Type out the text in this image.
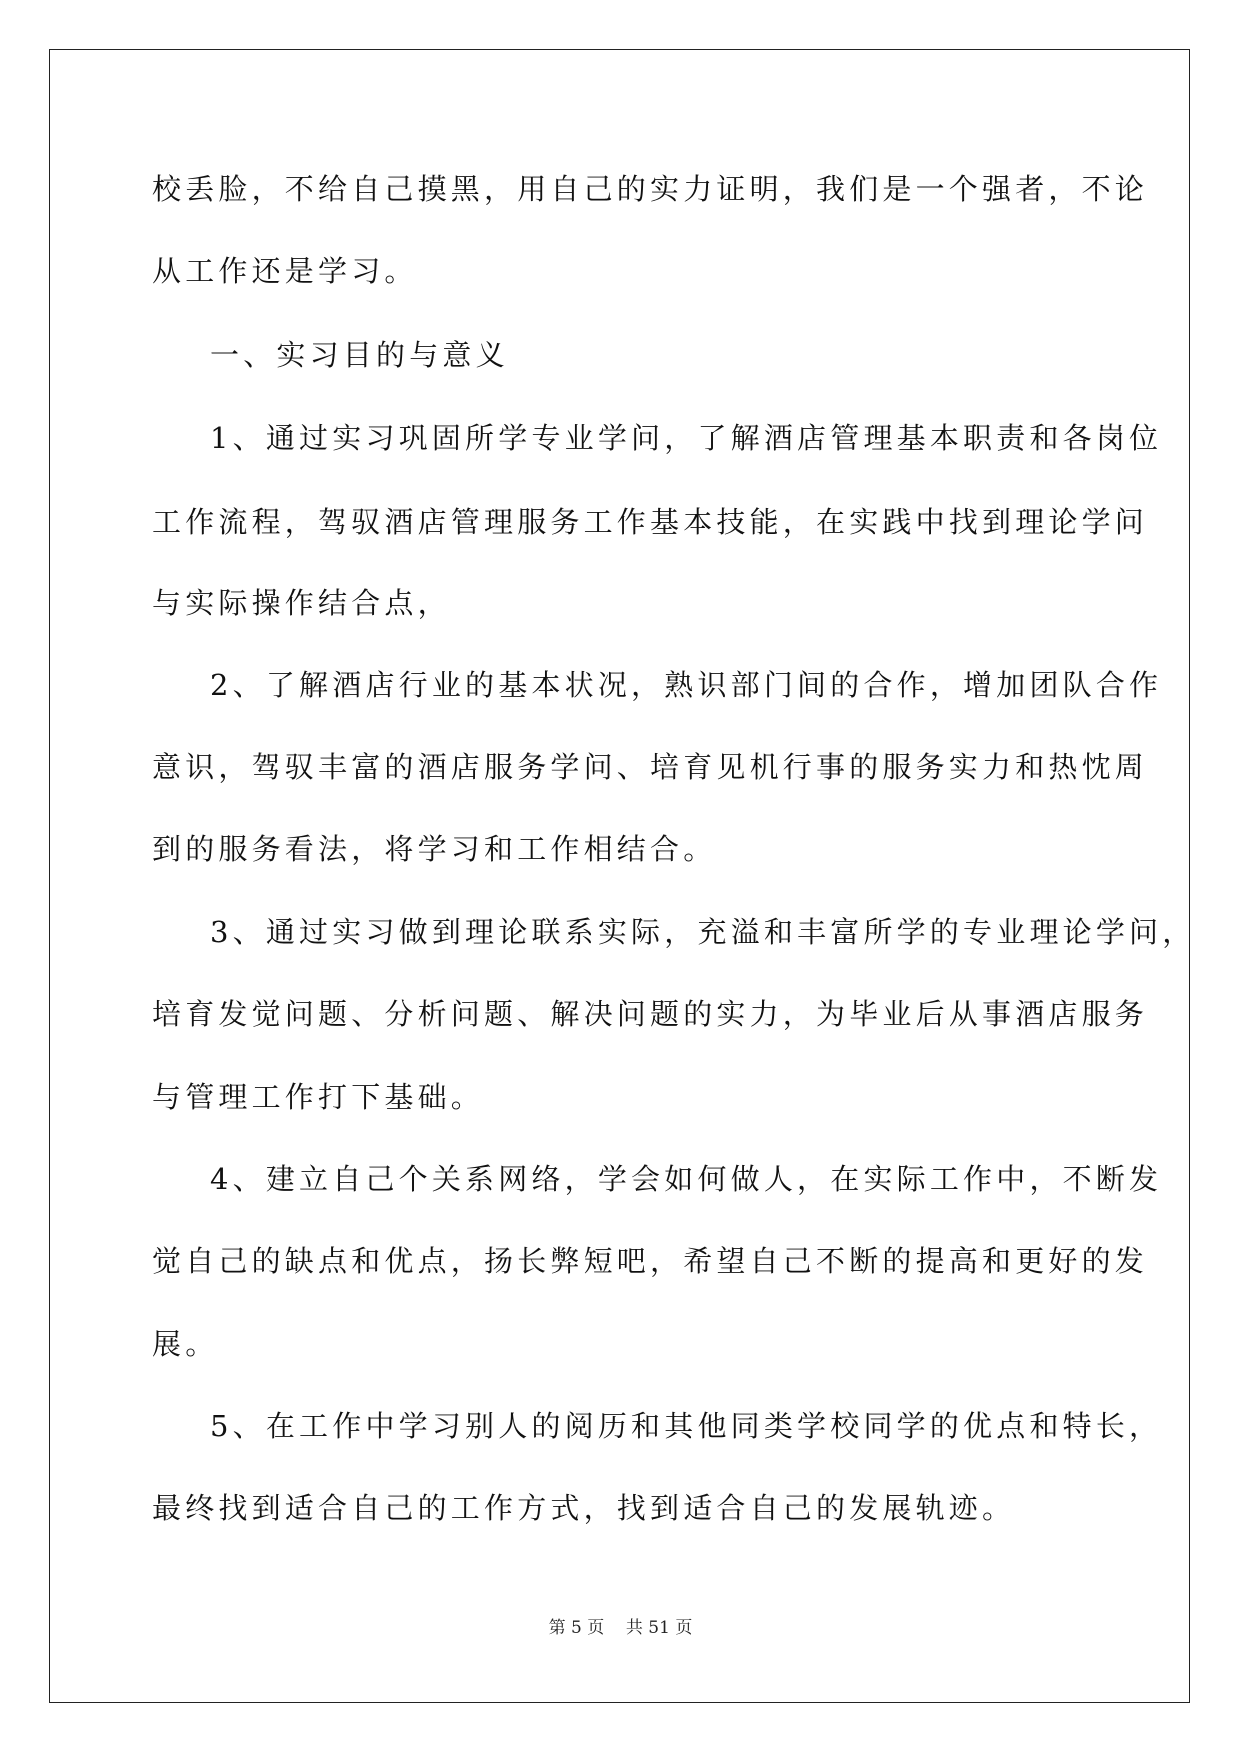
校丢脸，不给自己摸黑，用自己的实力证明，我们是一个强者，不论
从工作还是学习。
一、实习目的与意义
1、通过实习巩固所学专业学问，了解酒店管理基本职责和各岗位
工作流程，驾驭酒店管理服务工作基本技能，在实践中找到理论学问
与实际操作结合点，
2、了解酒店行业的基本状况，熟识部门间的合作，增加团队合作
意识，驾驭丰富的酒店服务学问、培育见机行事的服务实力和热忱周
到的服务看法，将学习和工作相结合。
3、通过实习做到理论联系实际，充溢和丰富所学的专业理论学问，
培育发觉问题、分析问题、解决问题的实力，为毕业后从事酒店服务
与管理工作打下基础。
4、建立自己个关系网络，学会如何做人，在实际工作中，不断发
觉自己的缺点和优点，扬长弊短吧，希望自己不断的提高和更好的发
展。
5、在工作中学习别人的阅历和其他同类学校同学的优点和特长，
最终找到适合自己的工作方式，找到适合自己的发展轨迹。
第 5 页    共 51 页
